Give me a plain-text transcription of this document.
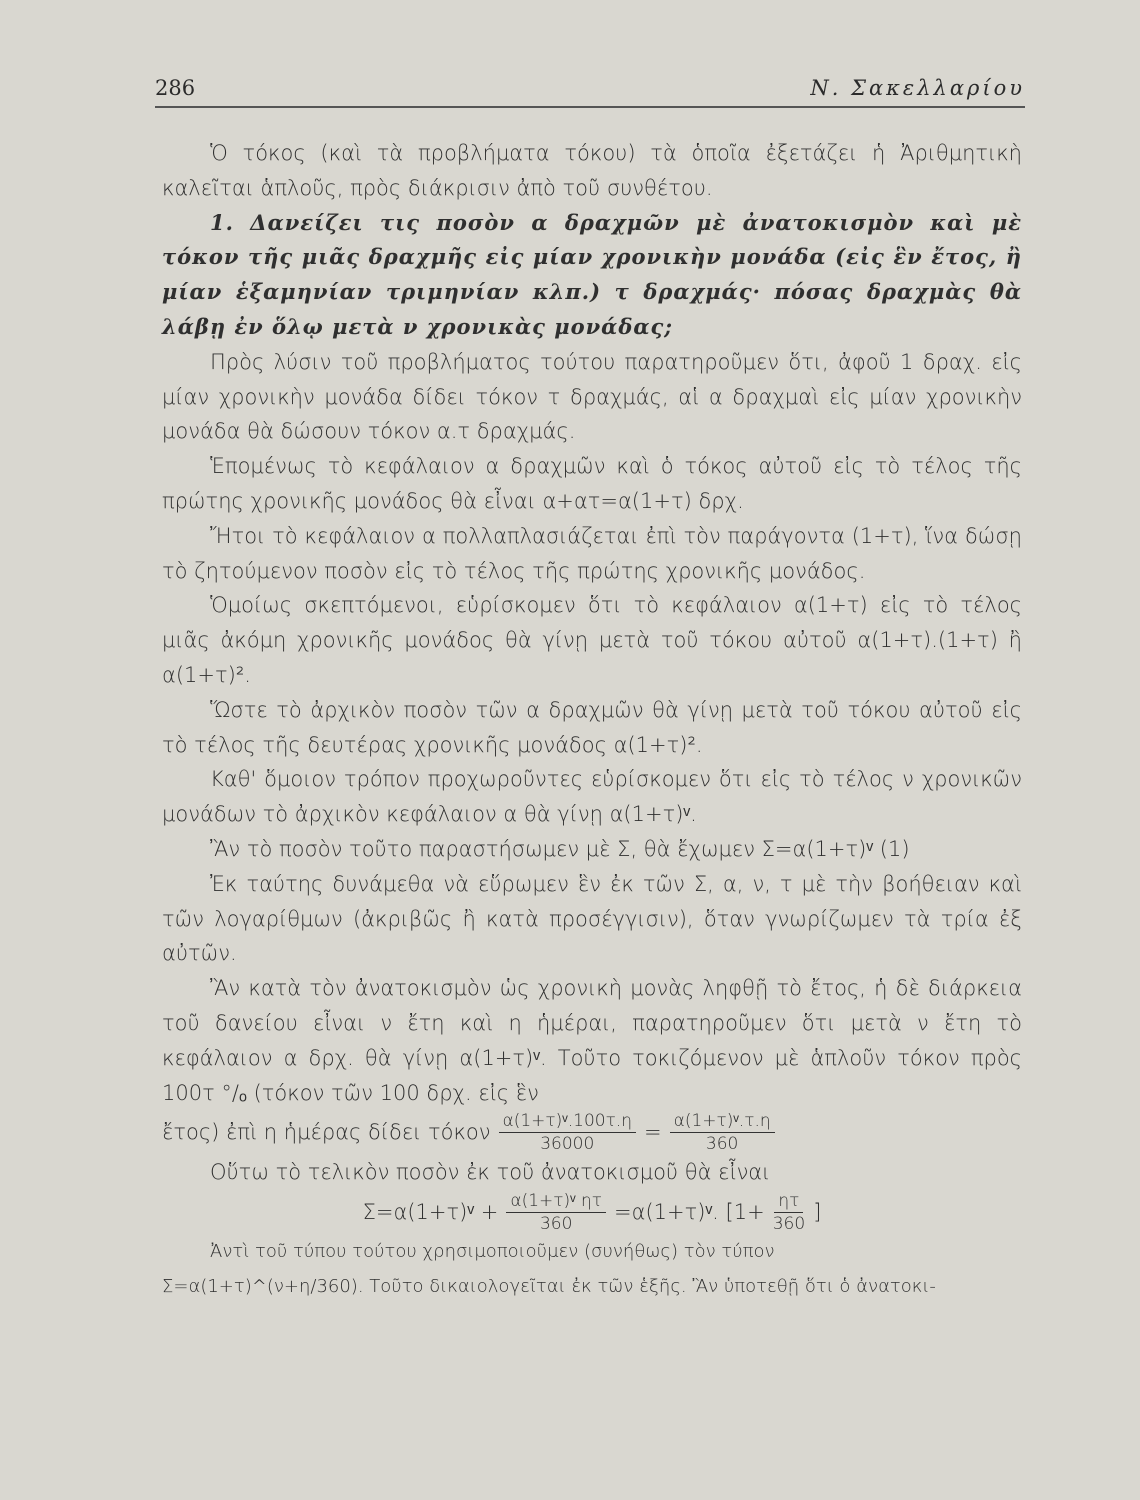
286	Ν. Σακελλαρίου

Ὁ τόκος (καὶ τὰ προβλήματα τόκου) τὰ ὁποῖα ἐξετάζει ἡ Ἀριθμητικὴ καλεῖται ἁπλοῦς, πρὸς διάκρισιν ἀπὸ τοῦ συνθέτου.

1. Δανείζει τις ποσὸν α δραχμῶν μὲ ἀνατοκισμὸν καὶ μὲ τόκον τῆς μιᾶς δραχμῆς εἰς μίαν χρονικὴν μονάδα (εἰς ἓν ἔτος, ἢ μίαν ἑξαμηνίαν τριμηνίαν κλπ.) τ δραχμάς· πόσας δραχμὰς θὰ λάβῃ ἐν ὅλῳ μετὰ ν χρονικὰς μονάδας;

Πρὸς λύσιν τοῦ προβλήματος τούτου παρατηροῦμεν ὅτι, ἀφοῦ 1 δραχ. εἰς μίαν χρονικὴν μονάδα δίδει τόκον τ δραχμάς, αἱ α δραχμαὶ εἰς μίαν χρονικὴν μονάδα θὰ δώσουν τόκον α.τ δραχμάς.

Ἑπομένως τὸ κεφάλαιον α δραχμῶν καὶ ὁ τόκος αὐτοῦ εἰς τὸ τέλος τῆς πρώτης χρονικῆς μονάδος θὰ εἶναι α+ατ=α(1+τ) δρχ.

Ἤτοι τὸ κεφάλαιον α πολλαπλασιάζεται ἐπὶ τὸν παράγοντα (1+τ), ἵνα δώσῃ τὸ ζητούμενον ποσὸν εἰς τὸ τέλος τῆς πρώτης χρονικῆς μονάδος.

Ὁμοίως σκεπτόμενοι, εὑρίσκομεν ὅτι τὸ κεφάλαιον α(1+τ) εἰς τὸ τέλος μιᾶς ἀκόμη χρονικῆς μονάδος θὰ γίνῃ μετὰ τοῦ τόκου αὐτοῦ α(1+τ).(1+τ) ἢ α(1+τ)².

Ὥστε τὸ ἀρχικὸν ποσὸν τῶν α δραχμῶν θὰ γίνῃ μετὰ τοῦ τόκου αὐτοῦ εἰς τὸ τέλος τῆς δευτέρας χρονικῆς μονάδος α(1+τ)².

Καθ' ὅμοιον τρόπον προχωροῦντες εὑρίσκομεν ὅτι εἰς τὸ τέλος ν χρονικῶν μονάδων τὸ ἀρχικὸν κεφάλαιον α θὰ γίνῃ α(1+τ)ᵛ.

Ἂν τὸ ποσὸν τοῦτο παραστήσωμεν μὲ Σ, θὰ ἔχωμεν Σ=α(1+τ)ᵛ (1)

Ἐκ ταύτης δυνάμεθα νὰ εὕρωμεν ἓν ἐκ τῶν Σ, α, ν, τ μὲ τὴν βοήθειαν καὶ τῶν λογαρίθμων (ἀκριβῶς ἢ κατὰ προσέγγισιν), ὅταν γνωρίζωμεν τὰ τρία ἐξ αὐτῶν.

Ἂν κατὰ τὸν ἀνατοκισμὸν ὡς χρονικὴ μονὰς ληφθῇ τὸ ἔτος, ἡ δὲ διάρκεια τοῦ δανείου εἶναι ν ἔτη καὶ η ἡμέραι, παρατηροῦμεν ὅτι μετὰ ν ἔτη τὸ κεφάλαιον α δρχ. θὰ γίνῃ α(1+τ)ᵛ. Τοῦτο τοκιζόμενον μὲ ἁπλοῦν τόκον πρὸς 100τ °/ₒ (τόκον τῶν 100 δρχ. εἰς ἓν

ἔτος) ἐπὶ η ἡμέρας δίδει τόκον $\frac{\text{α(1+τ)ᵛ.100τ.η}}{36000} = \frac{\text{α(1+τ)ᵛ.τ.η}}{360}$

Οὕτω τὸ τελικὸν ποσὸν ἐκ τοῦ ἀνατοκισμοῦ θὰ εἶναι

Σ=α(1+τ)ᵛ + $\frac{\text{α(1+τ)ᵛ ητ}}{360}$ =α(1+τ)ᵛ. [$1+ \frac{\eta\tau}{360}$ ]

Ἀντὶ τοῦ τύπου τούτου χρησιμοποιοῦμεν (συνήθως) τὸν τύπον

Σ=α(1+τ)^(ν+η/360). Τοῦτο δικαιολογεῖται ἐκ τῶν ἑξῆς. Ἂν ὑποτεθῇ ὅτι ὁ ἀνατοκι-
